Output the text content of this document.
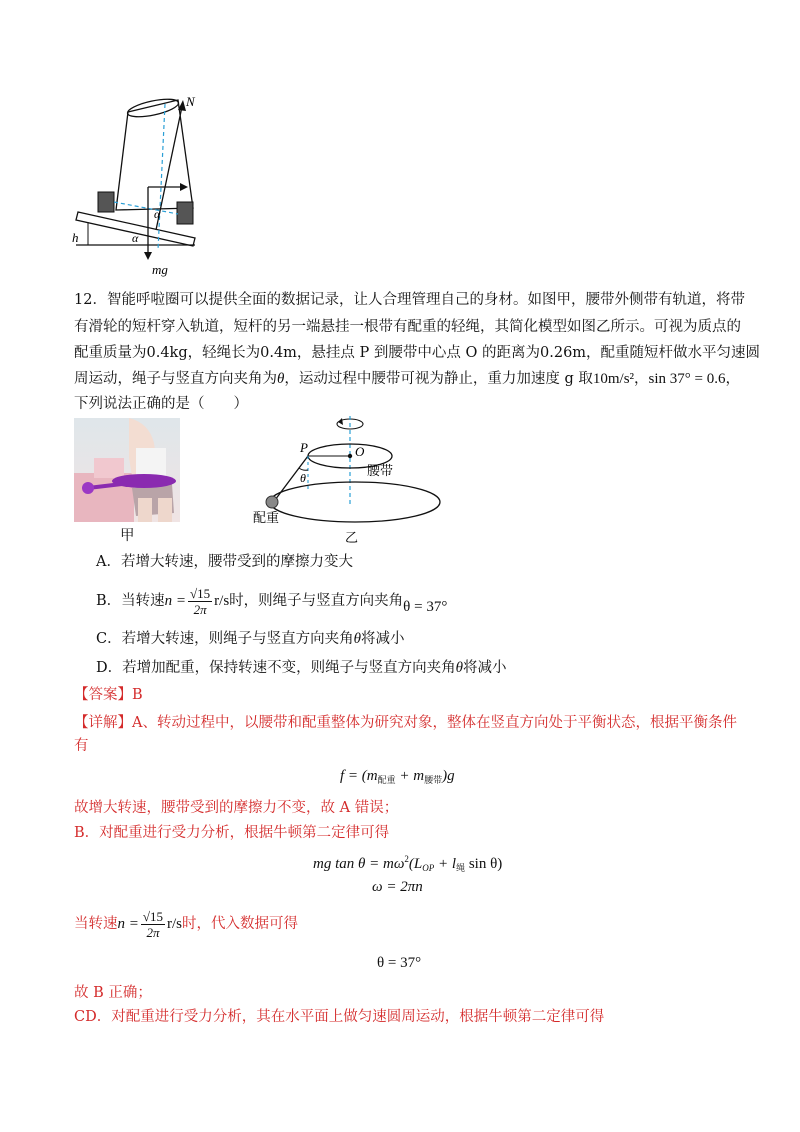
N
h
α
α
mg
12．智能呼啦圈可以提供全面的数据记录，让人合理管理自己的身材。如图甲，腰带外侧带有轨道，将带
有滑轮的短杆穿入轨道，短杆的另一端悬挂一根带有配重的轻绳，其简化模型如图乙所示。可视为质点的
配重质量为0.4kg，轻绳长为0.4m，悬挂点 P 到腰带中心点 O 的距离为0.26m，配重随短杆做水平匀速圆
周运动，绳子与竖直方向夹角为θ，运动过程中腰带可视为静止，重力加速度 g 取10m/s²，sin 37° = 0.6，
下列说法正确的是（　　）
甲
P	O
腰带
θ
配重
乙
A．若增大转速，腰带受到的摩擦力变大
B．当转速$n = \frac{√15}{2\pi} r/s$时，则绳子与竖直方向夹角θ = 37°
C．若增大转速，则绳子与竖直方向夹角θ将减小
D．若增加配重，保持转速不变，则绳子与竖直方向夹角θ将减小
【答案】B
【详解】A、转动过程中，以腰带和配重整体为研究对象，整体在竖直方向处于平衡状态，根据平衡条件
有
$f = (m_{配重} + m_{腰带})g$
故增大转速，腰带受到的摩擦力不变，故 A 错误；
B．对配重进行受力分析，根据牛顿第二定律可得
mg $\tan \theta = m\omega^2(L_{OP} + l_绳$ sin θ)
ω = 2πn
当转速$n = \frac{√15}{2\pi} r/s$时，代入数据可得
θ = 37°
故 B 正确；
CD．对配重进行受力分析，其在水平面上做匀速圆周运动，根据牛顿第二定律可得
